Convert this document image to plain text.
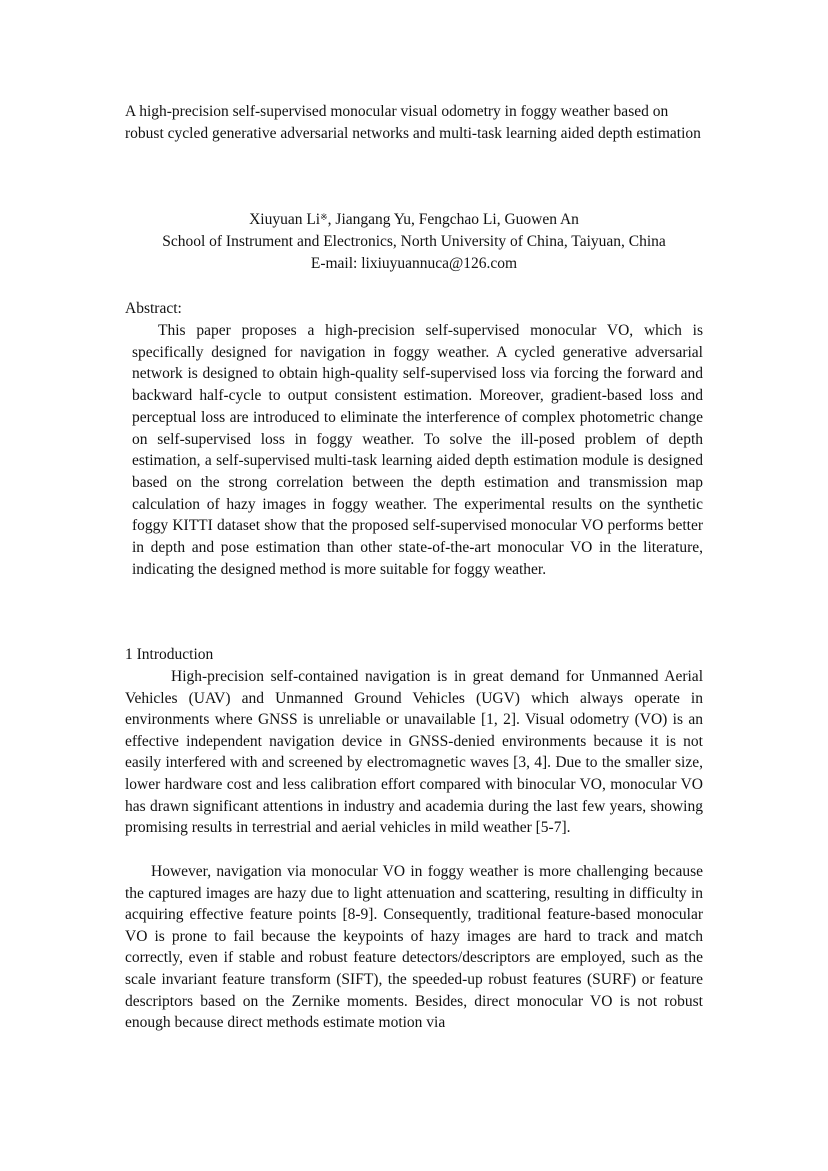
A high-precision self-supervised monocular visual odometry in foggy weather based on robust cycled generative adversarial networks and multi-task learning aided depth estimation
Xiuyuan Li※, Jiangang Yu, Fengchao Li, Guowen An
School of Instrument and Electronics, North University of China, Taiyuan, China
E-mail: lixiuyuannuca@126.com
Abstract:

This paper proposes a high-precision self-supervised monocular VO, which is specifically designed for navigation in foggy weather. A cycled generative adversarial network is designed to obtain high-quality self-supervised loss via forcing the forward and backward half-cycle to output consistent estimation. Moreover, gradient-based loss and perceptual loss are introduced to eliminate the interference of complex photometric change on self-supervised loss in foggy weather. To solve the ill-posed problem of depth estimation, a self-supervised multi-task learning aided depth estimation module is designed based on the strong correlation between the depth estimation and transmission map calculation of hazy images in foggy weather. The experimental results on the synthetic foggy KITTI dataset show that the proposed self-supervised monocular VO performs better in depth and pose estimation than other state-of-the-art monocular VO in the literature, indicating the designed method is more suitable for foggy weather.

1 Introduction

High-precision self-contained navigation is in great demand for Unmanned Aerial Vehicles (UAV) and Unmanned Ground Vehicles (UGV) which always operate in environments where GNSS is unreliable or unavailable [1, 2]. Visual odometry (VO) is an effective independent navigation device in GNSS-denied environments because it is not easily interfered with and screened by electromagnetic waves [3, 4]. Due to the smaller size, lower hardware cost and less calibration effort compared with binocular VO, monocular VO has drawn significant attentions in industry and academia during the last few years, showing promising results in terrestrial and aerial vehicles in mild weather [5-7].

However, navigation via monocular VO in foggy weather is more challenging because the captured images are hazy due to light attenuation and scattering, resulting in difficulty in acquiring effective feature points [8-9]. Consequently, traditional feature-based monocular VO is prone to fail because the keypoints of hazy images are hard to track and match correctly, even if stable and robust feature detectors/descriptors are employed, such as the scale invariant feature transform (SIFT), the speeded-up robust features (SURF) or feature descriptors based on the Zernike moments. Besides, direct monocular VO is not robust enough because direct methods estimate motion via
